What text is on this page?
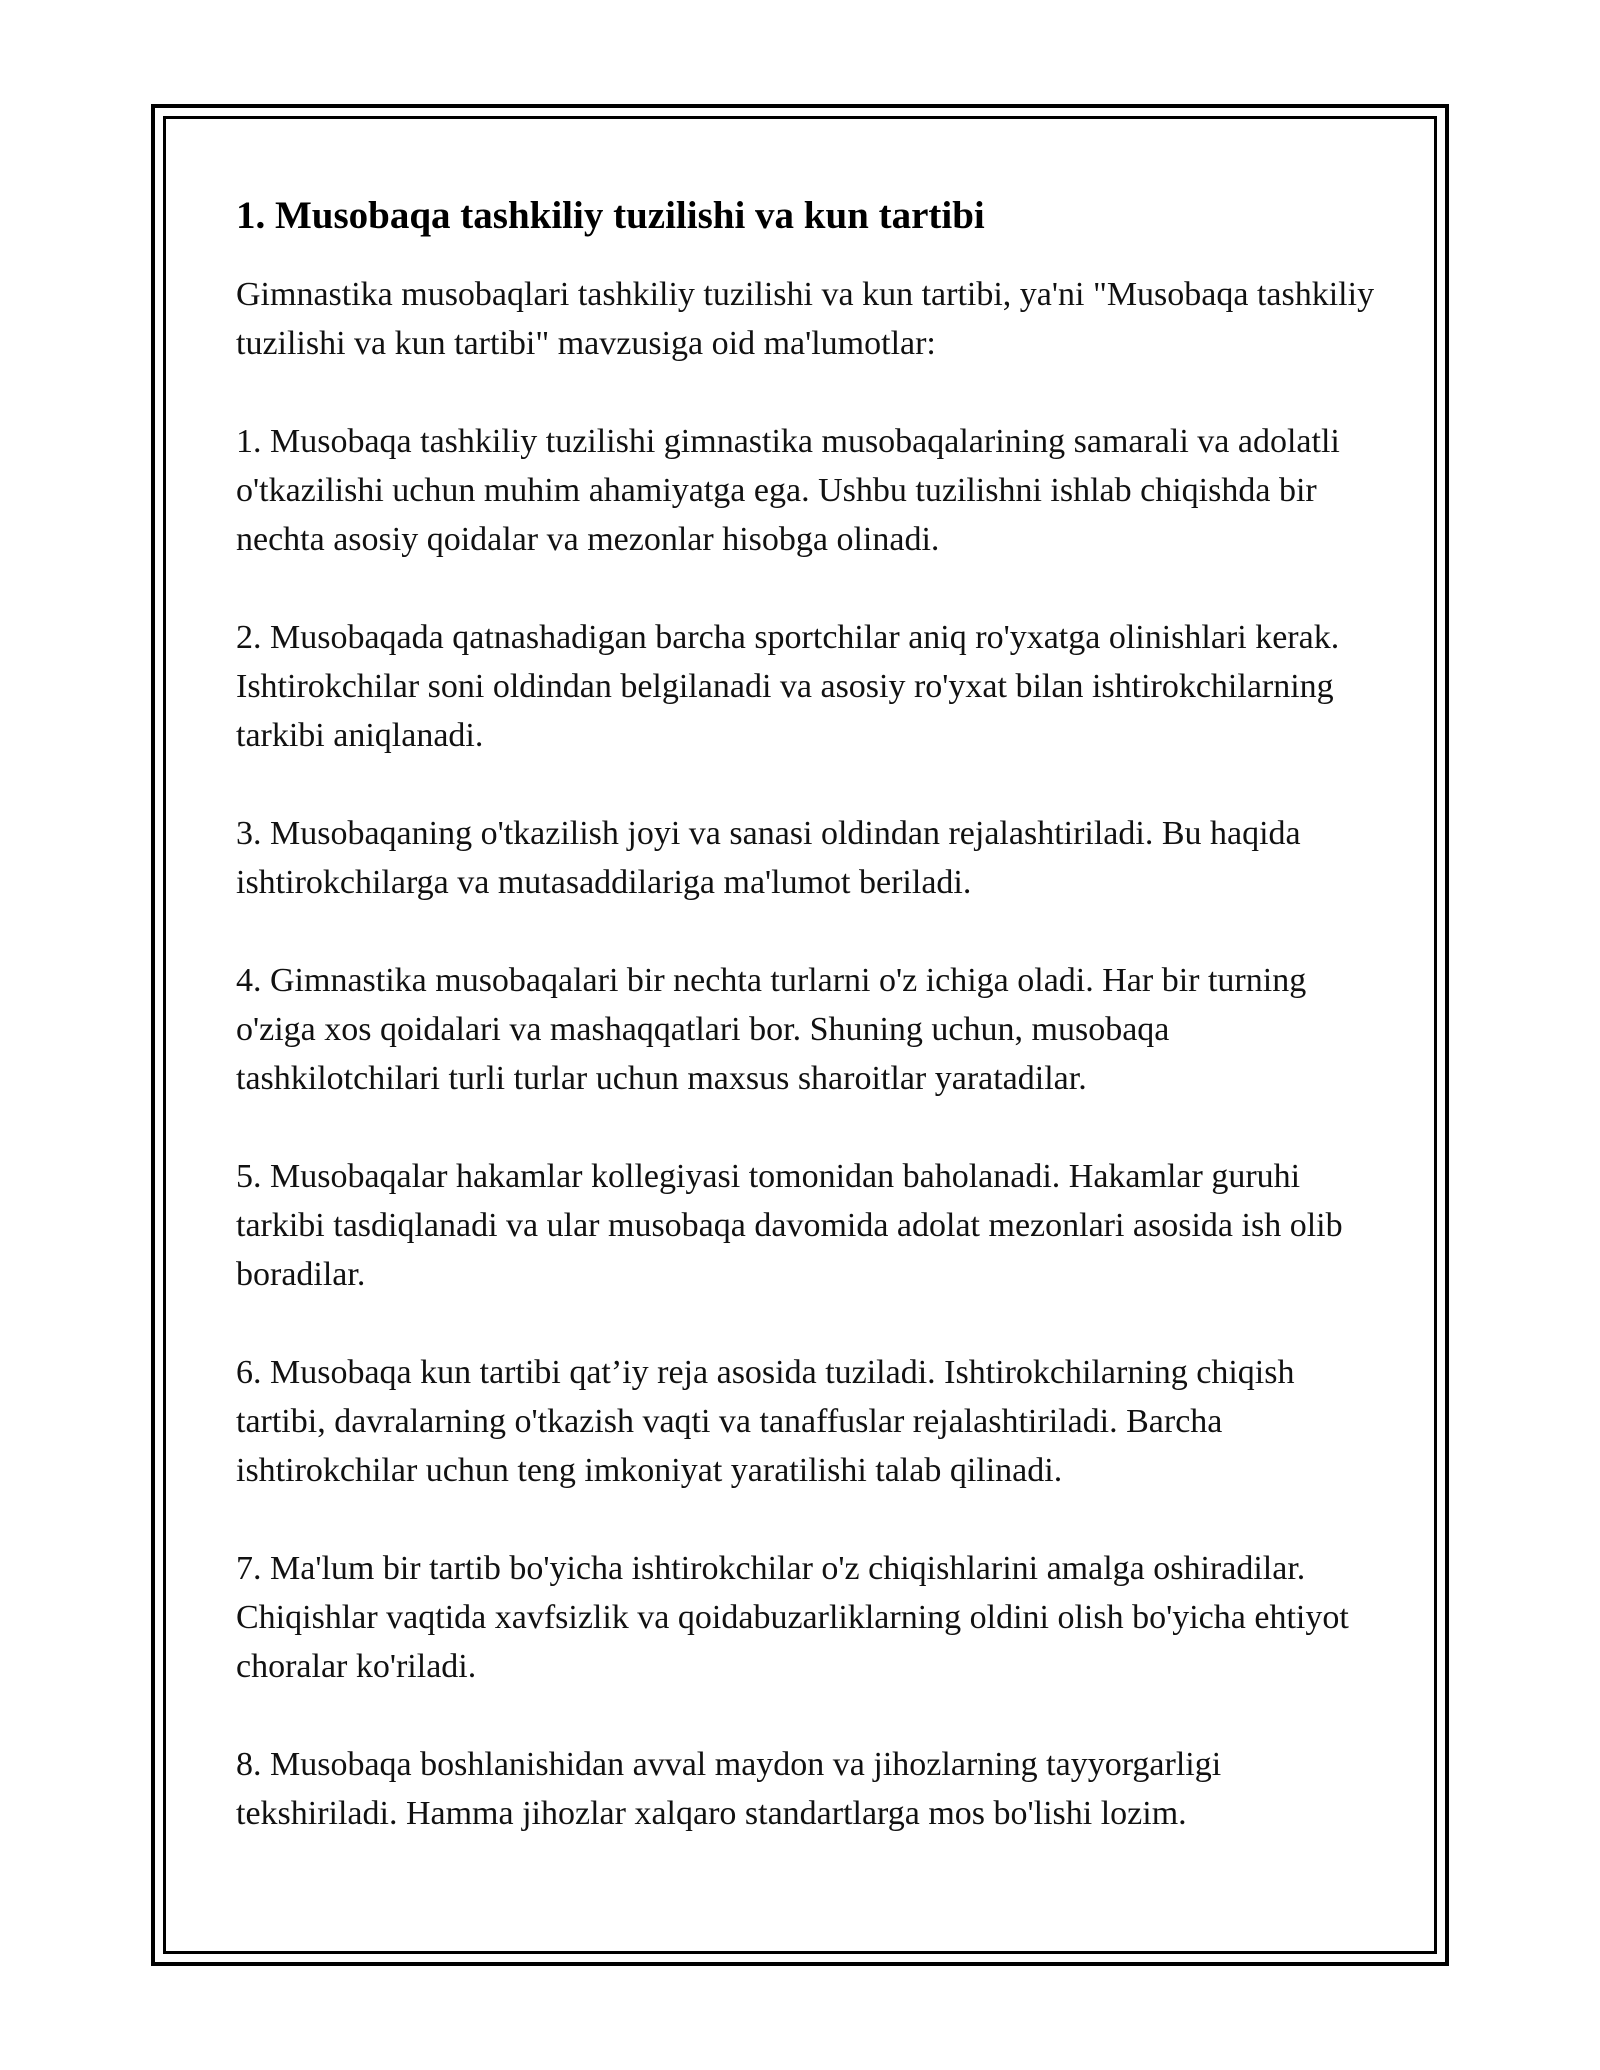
1. Musobaqa tashkiliy tuzilishi va kun tartibi

Gimnastika musobaqlari tashkiliy tuzilishi va kun tartibi, ya'ni "Musobaqa tashkiliy tuzilishi va kun tartibi" mavzusiga oid ma'lumotlar:

1. Musobaqa tashkiliy tuzilishi gimnastika musobaqalarining samarali va adolatli o'tkazilishi uchun muhim ahamiyatga ega. Ushbu tuzilishni ishlab chiqishda bir nechta asosiy qoidalar va mezonlar hisobga olinadi.

2. Musobaqada qatnashadigan barcha sportchilar aniq ro'yxatga olinishlari kerak. Ishtirokchilar soni oldindan belgilanadi va asosiy ro'yxat bilan ishtirokchilarning tarkibi aniqlanadi.

3. Musobaqaning o'tkazilish joyi va sanasi oldindan rejalashtiriladi. Bu haqida ishtirokchilarga va mutasaddilariga ma'lumot beriladi.

4. Gimnastika musobaqalari bir nechta turlarni o'z ichiga oladi. Har bir turning o'ziga xos qoidalari va mashaqqatlari bor. Shuning uchun, musobaqa tashkilotchilari turli turlar uchun maxsus sharoitlar yaratadilar.

5. Musobaqalar hakamlar kollegiyasi tomonidan baholanadi. Hakamlar guruhi tarkibi tasdiqlanadi va ular musobaqa davomida adolat mezonlari asosida ish olib boradilar.

6. Musobaqa kun tartibi qat’iy reja asosida tuziladi. Ishtirokchilarning chiqish tartibi, davralarning o'tkazish vaqti va tanaffuslar rejalashtiriladi. Barcha ishtirokchilar uchun teng imkoniyat yaratilishi talab qilinadi.

7. Ma'lum bir tartib bo'yicha ishtirokchilar o'z chiqishlarini amalga oshiradilar. Chiqishlar vaqtida xavfsizlik va qoidabuzarliklarning oldini olish bo'yicha ehtiyot choralar ko'riladi.

8. Musobaqa boshlanishidan avval maydon va jihozlarning tayyorgarligi tekshiriladi. Hamma jihozlar xalqaro standartlarga mos bo'lishi lozim.
